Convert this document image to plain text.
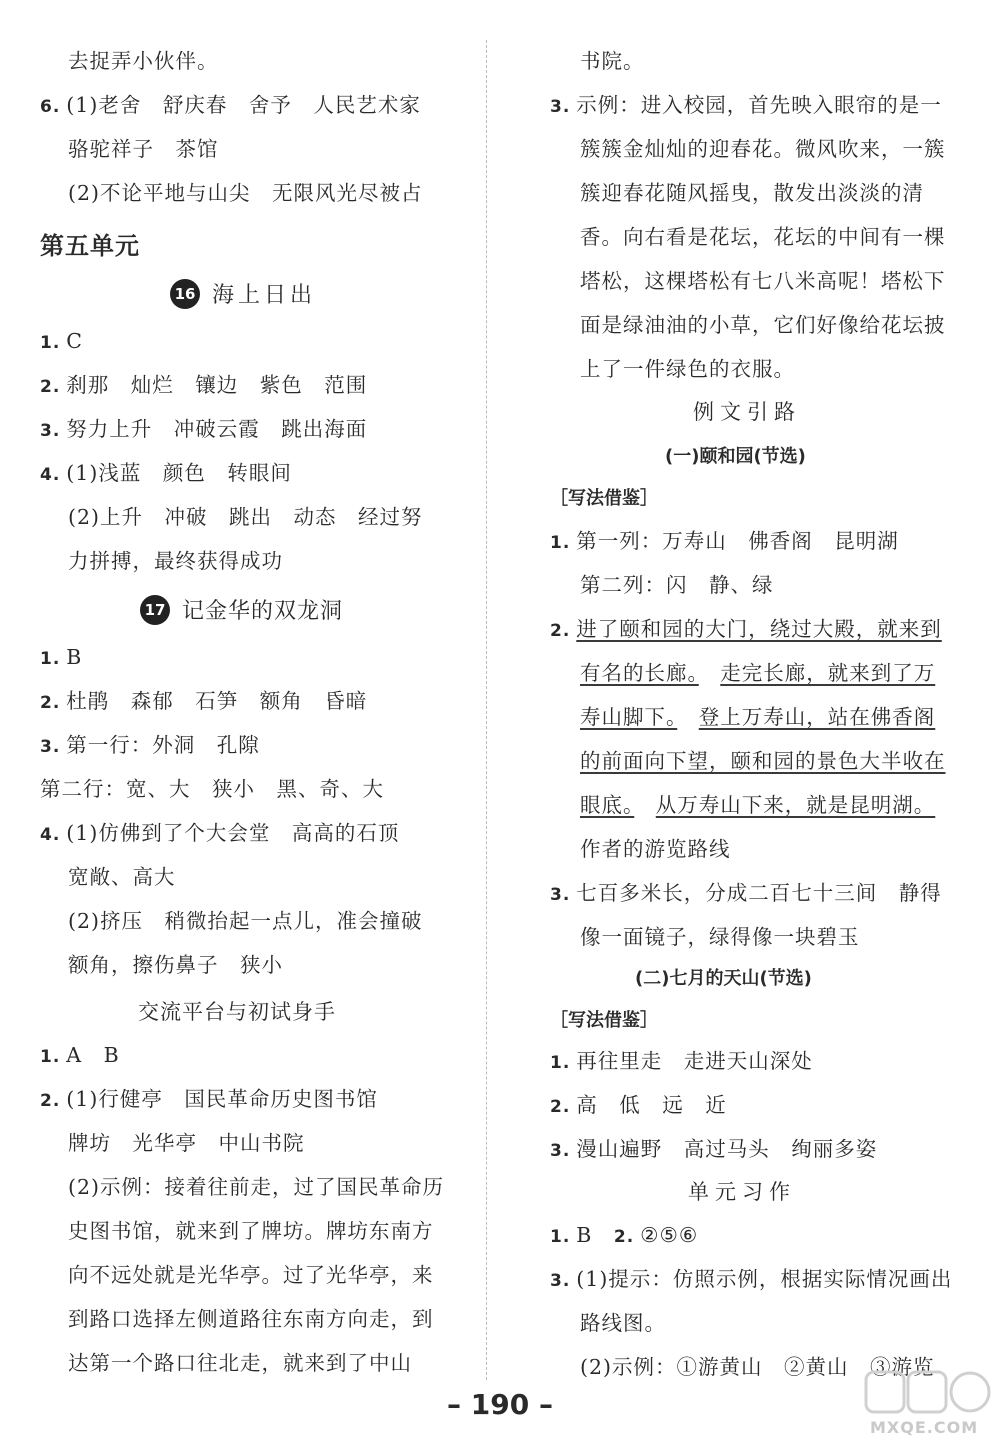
去捉弄小伙伴。
6. (1)老舍　舒庆春　舍予　人民艺术家
骆驼祥子　茶馆
(2)不论平地与山尖　无限风光尽被占
第五单元
16 海上日出
1. C
2. 刹那　灿烂　镶边　紫色　范围
3. 努力上升　冲破云霞　跳出海面
4. (1)浅蓝　颜色　转眼间
(2)上升　冲破　跳出　动态　经过努
力拼搏，最终获得成功
17 记金华的双龙洞
1. B
2. 杜鹃　森郁　石笋　额角　昏暗
3. 第一行：外洞　孔隙
第二行：宽、大　狭小　黑、奇、大
4. (1)仿佛到了个大会堂　高高的石顶
宽敞、高大
(2)挤压　稍微抬起一点儿，准会撞破
额角，擦伤鼻子　狭小
交流平台与初试身手
1. A　B
2. (1)行健亭　国民革命历史图书馆
牌坊　光华亭　中山书院
(2)示例：接着往前走，过了国民革命历
史图书馆，就来到了牌坊。牌坊东南方
向不远处就是光华亭。过了光华亭，来
到路口选择左侧道路往东南方向走，到
达第一个路口往北走，就来到了中山
书院。
3. 示例：进入校园，首先映入眼帘的是一
簇簇金灿灿的迎春花。微风吹来，一簇
簇迎春花随风摇曳，散发出淡淡的清
香。向右看是花坛，花坛的中间有一棵
塔松，这棵塔松有七八米高呢！塔松下
面是绿油油的小草，它们好像给花坛披
上了一件绿色的衣服。
例文引路
(一)颐和园(节选)
［写法借鉴］
1. 第一列：万寿山　佛香阁　昆明湖
第二列：闪　静、绿
2. 进了颐和园的大门，绕过大殿，就来到
有名的长廊。　 走完长廊，就来到了万
寿山脚下。　 登上万寿山，站在佛香阁
的前面向下望，颐和园的景色大半收在
眼底。　 从万寿山下来，就是昆明湖。
作者的游览路线
3. 七百多米长，分成二百七十三间　静得
像一面镜子，绿得像一块碧玉
(二)七月的天山(节选)
［写法借鉴］
1. 再往里走　走进天山深处
2. 高　低　远　近
3. 漫山遍野　高过马头　绚丽多姿
单元习作
1. B　 2. ②⑤⑥
3. (1)提示：仿照示例，根据实际情况画出
路线图。
(2)示例：①游黄山　②黄山　③游览
– 190 –
MXQE.COM
